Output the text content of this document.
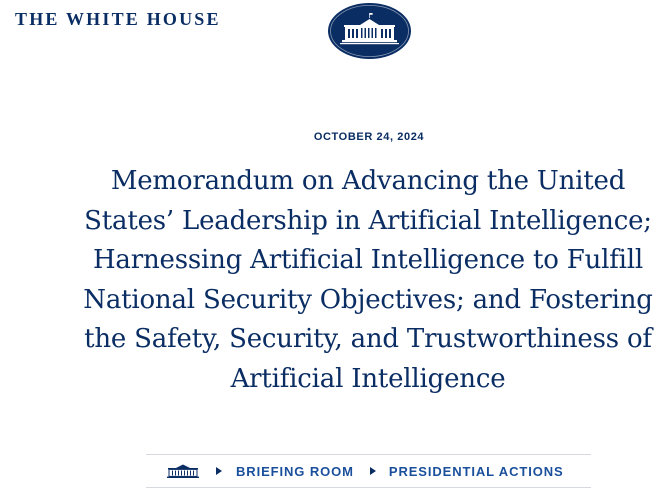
THE WHITE HOUSE
OCTOBER 24, 2024
Memorandum on Advancing the United States’ Leadership in Artificial Intelligence; Harnessing Artificial Intelligence to Fulfill National Security Objectives; and Fostering the Safety, Security, and Trustworthiness of Artificial Intelligence
BRIEFING ROOM	PRESIDENTIAL ACTIONS
